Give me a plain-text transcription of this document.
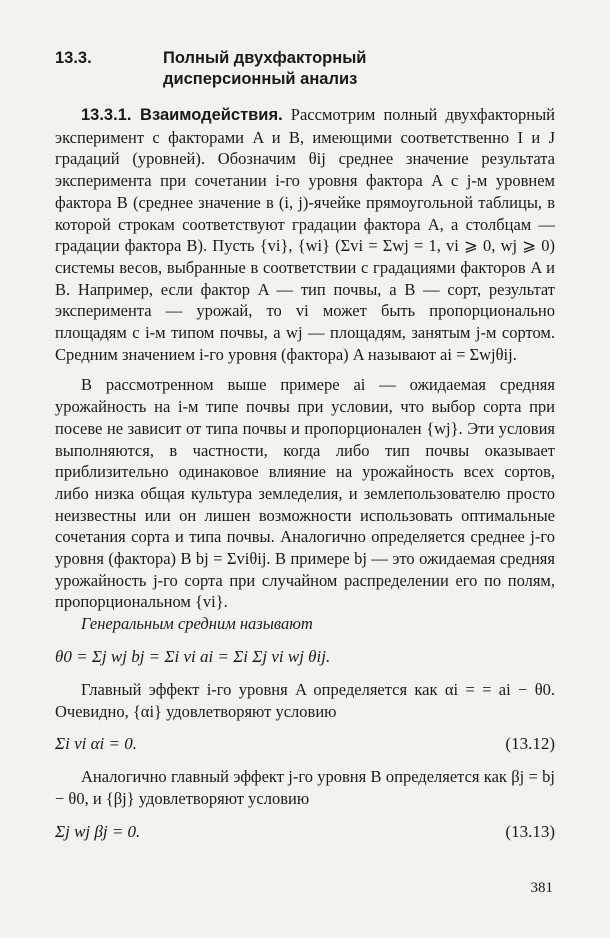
13.3.	Полный двухфакторный
дисперсионный анализ

13.3.1. Взаимодействия. Рассмотрим полный двухфакторный эксперимент с факторами A и B, имеющими соответственно I и J градаций (уровней). Обозначим θij среднее значение результата эксперимента при сочетании i-го уровня фактора A с j-м уровнем фактора B (среднее значение в (i, j)-ячейке прямоугольной таблицы, в которой строкам соответствуют градации фактора A, а столбцам — градации фактора B). Пусть {vi}, {wi} (Σvi = Σwj = 1, vi ⩾ 0, wj ⩾ 0) системы весов, выбранные в соответствии с градациями факторов A и B. Например, если фактор A — тип почвы, а B — сорт, результат эксперимента — урожай, то vi может быть пропорционально площадям с i-м типом почвы, а wj — площадям, занятым j-м сортом. Средним значением i-го уровня (фактора) A называют ai = Σwjθij.

В рассмотренном выше примере ai — ожидаемая средняя урожайность на i-м типе почвы при условии, что выбор сорта при посеве не зависит от типа почвы и пропорционален {wj}. Эти условия выполняются, в частности, когда либо тип почвы оказывает приблизительно одинаковое влияние на урожайность всех сортов, либо низка общая культура земледелия, и землепользователю просто неизвестны или он лишен возможности использовать оптимальные сочетания сорта и типа почвы. Аналогично определяется среднее j-го уровня (фактора) B bj = Σviθij. В примере bj — это ожидаемая средняя урожайность j-го сорта при случайном распределении его по полям, пропорциональном {vi}.

Генеральным средним называют

θ0 = Σj wj bj = Σi vi ai = Σi Σj vi wj θij.

Главный эффект i-го уровня A определяется как αi = = ai − θ0. Очевидно, {αi} удовлетворяют условию

Σi vi αi = 0.	(13.12)

Аналогично главный эффект j-го уровня B определяется как βj = bj − θ0, и {βj} удовлетворяют условию

Σj wj βj = 0.	(13.13)
381
